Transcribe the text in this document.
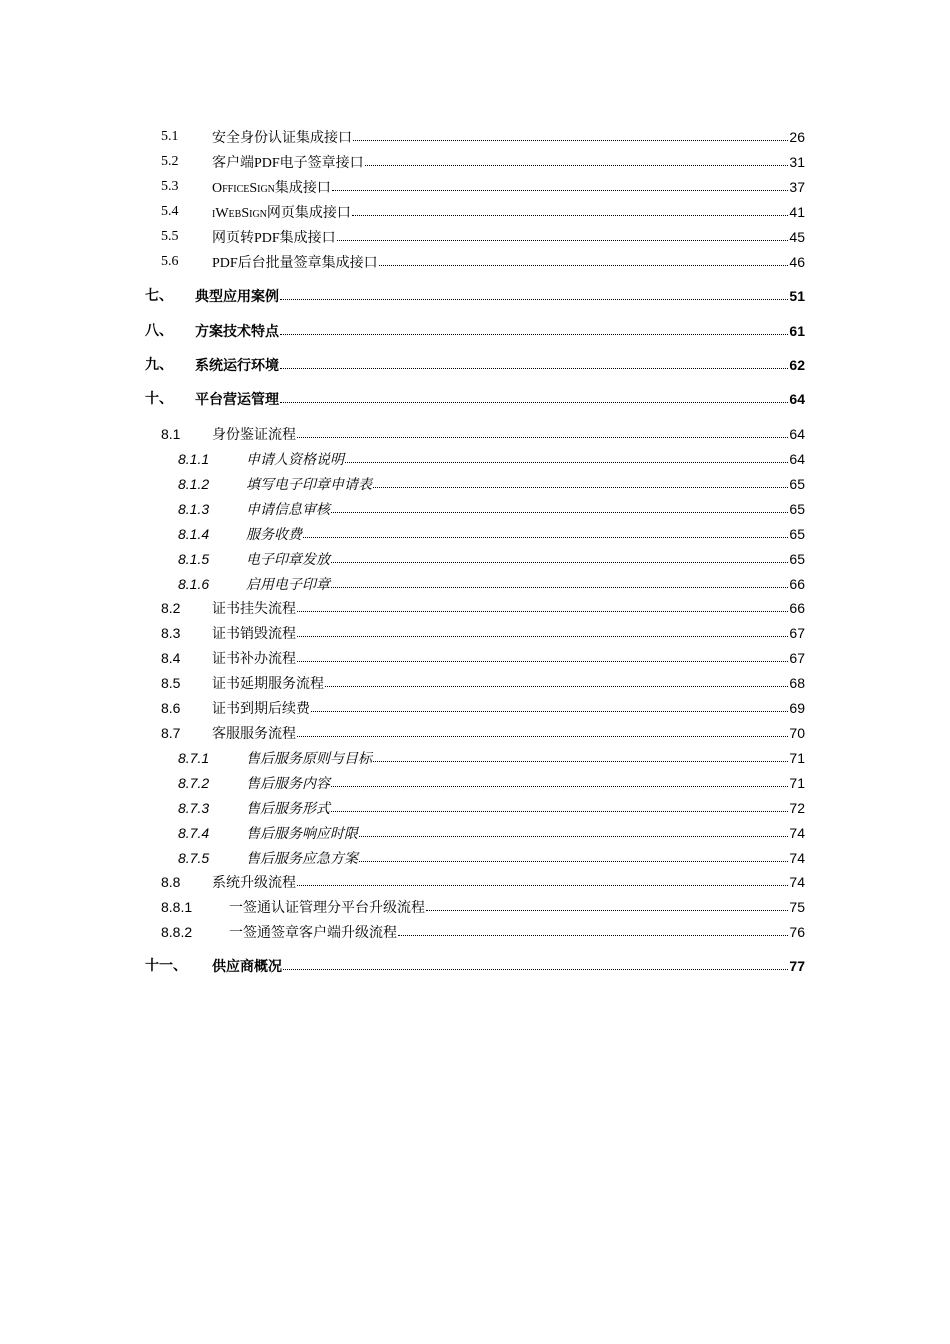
5.1 安全身份认证集成接口	26
5.2 客户端PDF电子签章接口	31
5.3 OfficeSign集成接口	37
5.4 iWebSign网页集成接口	41
5.5 网页转PDF集成接口	45
5.6 PDF后台批量签章集成接口	46
七、 典型应用案例	51
八、 方案技术特点	61
九、 系统运行环境	62
十、 平台营运管理	64
8.1 身份鉴证流程	64
8.1.1	申请人资格说明	64
8.1.2	填写电子印章申请表	65
8.1.3	申请信息审核	65
8.1.4	服务收费	65
8.1.5	电子印章发放	65
8.1.6	启用电子印章	66
8.2 证书挂失流程	66
8.3 证书销毁流程	67
8.4 证书补办流程	67
8.5 证书延期服务流程	68
8.6 证书到期后续费	69
8.7 客服服务流程	70
8.7.1	售后服务原则与目标	71
8.7.2	售后服务内容	71
8.7.3	售后服务形式	72
8.7.4	售后服务响应时限	74
8.7.5	售后服务应急方案	74
8.8 系统升级流程	74
8.8.1	一签通认证管理分平台升级流程	75
8.8.2	一签通签章客户端升级流程	76
十一、 供应商概况	77
